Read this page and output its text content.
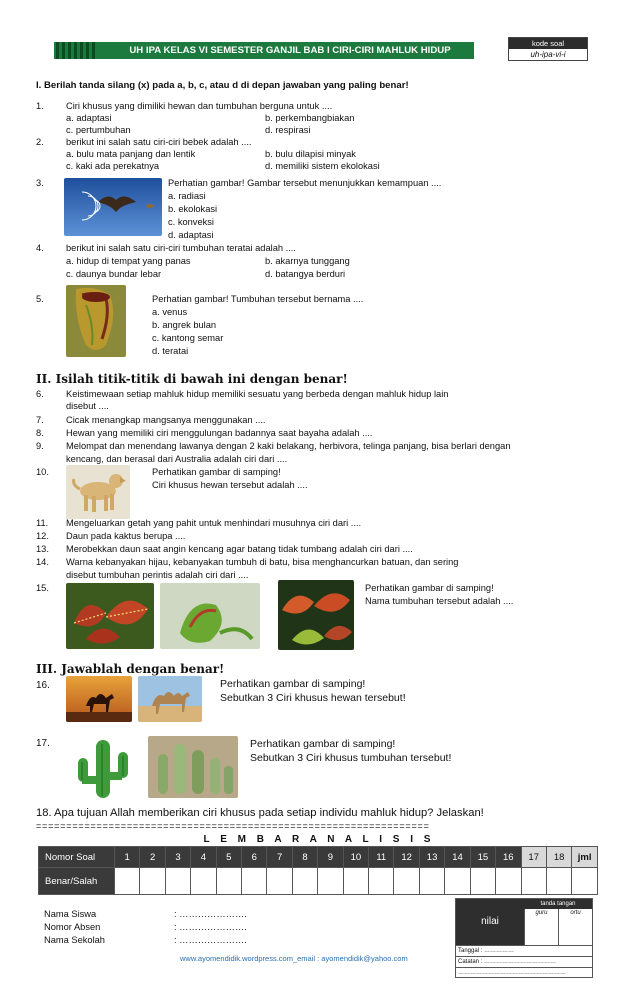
UH IPA KELAS VI SEMESTER GANJIL BAB I CIRI-CIRI MAHLUK HIDUP
kode soal
uh-ipa-vi-i
I. Berilah tanda silang (x) pada a, b, c, atau d di depan jawaban yang paling benar!
1. Ciri khusus yang dimiliki hewan dan tumbuhan berguna untuk ....
a. adaptasi	b. perkembangbiakan
c. pertumbuhan	d. respirasi
2. berikut ini salah satu ciri-ciri bebek adalah ....
a. bulu mata panjang dan lentik	b. bulu dilapisi minyak
c. kaki ada perekatnya	d. memiliki sistem ekolokasi
3.	Perhatian gambar! Gambar tersebut menunjukkan kemampuan ....
a. radiasi
b. ekolokasi
c. konveksi
d. adaptasi
4. berikut ini salah satu ciri-ciri tumbuhan teratai adalah ....
a. hidup di tempat yang panas	b. akarnya tunggang
c. daunya bundar lebar	d. batangya berduri
5.	Perhatian gambar! Tumbuhan tersebut bernama ....
a. venus
b. angrek bulan
c. kantong semar
d. teratai
II. Isilah titik-titik di bawah ini dengan benar!
6. Keistimewaan setiap mahluk hidup memiliki sesuatu yang berbeda dengan mahluk hidup lain
disebut ....
7. Cicak menangkap mangsanya menggunakan ....
8. Hewan yang memiliki ciri menggulungan badannya saat bayaha adalah ....
9. Melompat dan menendang lawanya dengan 2 kaki belakang, herbivora, telinga panjang, bisa berlari dengan
kencang, dan berasal dari Australia adalah ciri dari ....
10.	Perhatikan gambar di samping!
Ciri khusus hewan tersebut adalah ....
11. Mengeluarkan getah yang pahit untuk menhindari musuhnya ciri dari ....
12. Daun pada kaktus berupa ....
13. Merobekkan daun saat angin kencang agar batang tidak tumbang adalah ciri dari ....
14. Warna kebanyakan hijau, kebanyakan tumbuh di batu, bisa menghancurkan batuan, dan sering
disebut tumbuhan perintis adalah ciri dari ....
15.	Perhatikan gambar di samping!
Nama tumbuhan tersebut adalah ....
III. Jawablah dengan benar!
16.	Perhatikan gambar di samping!
Sebutkan 3 Ciri khusus hewan tersebut!
17.	Perhatikan gambar di samping!
Sebutkan 3 Ciri khusus tumbuhan tersebut!
18. Apa tujuan Allah memberikan ciri khusus pada setiap individu mahluk hidup? Jelaskan!
=================================================================
L E M B A R A N A L I S I S
Nomor Soal	1	2	3	4	5	6	7	8	9	10	11	12	13	14	15	16	17	18	jml
Benar/Salah																			
Nama Siswa	: ………………….
Nomor Absen	: ………………….
Nama Sekolah	: ………………….
nilai
tanda tangan
guru	ortu
Tanggal : ……………
Catatan : ………………………………
………………………………………………
www.ayomendidik.wordpress.com_email : ayomendidik@yahoo.com
